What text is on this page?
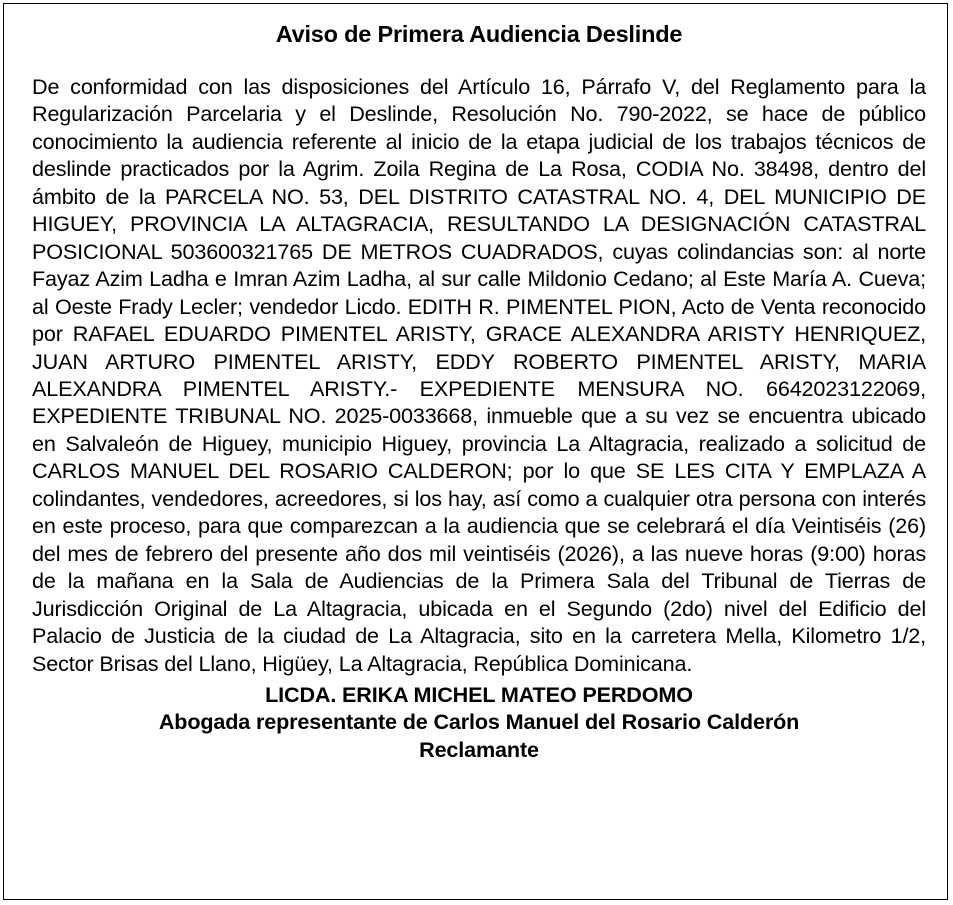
Aviso de Primera Audiencia Deslinde

De conformidad con las disposiciones del Artículo 16, Párrafo V, del Reglamento para la Regularización Parcelaria y el Deslinde, Resolución No. 790-2022, se hace de público conocimiento la audiencia referente al inicio de la etapa judicial de los trabajos técnicos de deslinde practicados por la Agrim. Zoila Regina de La Rosa, CODIA No. 38498, dentro del ámbito de la PARCELA NO. 53, DEL DISTRITO CATASTRAL NO. 4, DEL MUNICIPIO DE HIGUEY, PROVINCIA LA ALTAGRACIA, RESULTANDO LA DESIGNACIÓN CATASTRAL POSICIONAL 503600321765 DE METROS CUADRADOS, cuyas colindancias son: al norte Fayaz Azim Ladha e Imran Azim Ladha, al sur calle Mildonio Cedano; al Este María A. Cueva; al Oeste Frady Lecler; vendedor Licdo. EDITH R. PIMENTEL PION, Acto de Venta reconocido por RAFAEL EDUARDO PIMENTEL ARISTY, GRACE ALEXANDRA ARISTY HENRIQUEZ, JUAN ARTURO PIMENTEL ARISTY, EDDY ROBERTO PIMENTEL ARISTY, MARIA ALEXANDRA PIMENTEL ARISTY.- EXPEDIENTE MENSURA NO. 6642023122069, EXPEDIENTE TRIBUNAL NO. 2025-0033668, inmueble que a su vez se encuentra ubicado en Salvaleón de Higuey, municipio Higuey, provincia La Altagracia, realizado a solicitud de CARLOS MANUEL DEL ROSARIO CALDERON; por lo que SE LES CITA Y EMPLAZA A colindantes, vendedores, acreedores, si los hay, así como a cualquier otra persona con interés en este proceso, para que comparezcan a la audiencia que se celebrará el día Veintiséis (26) del mes de febrero del presente año dos mil veintiséis (2026), a las nueve horas (9:00) horas de la mañana en la Sala de Audiencias de la Primera Sala del Tribunal de Tierras de Jurisdicción Original de La Altagracia, ubicada en el Segundo (2do) nivel del Edificio del Palacio de Justicia de la ciudad de La Altagracia, sito en la carretera Mella, Kilometro 1/2, Sector Brisas del Llano, Higüey, La Altagracia, República Dominicana.

LICDA. ERIKA MICHEL MATEO PERDOMO
Abogada representante de Carlos Manuel del Rosario Calderón
Reclamante
